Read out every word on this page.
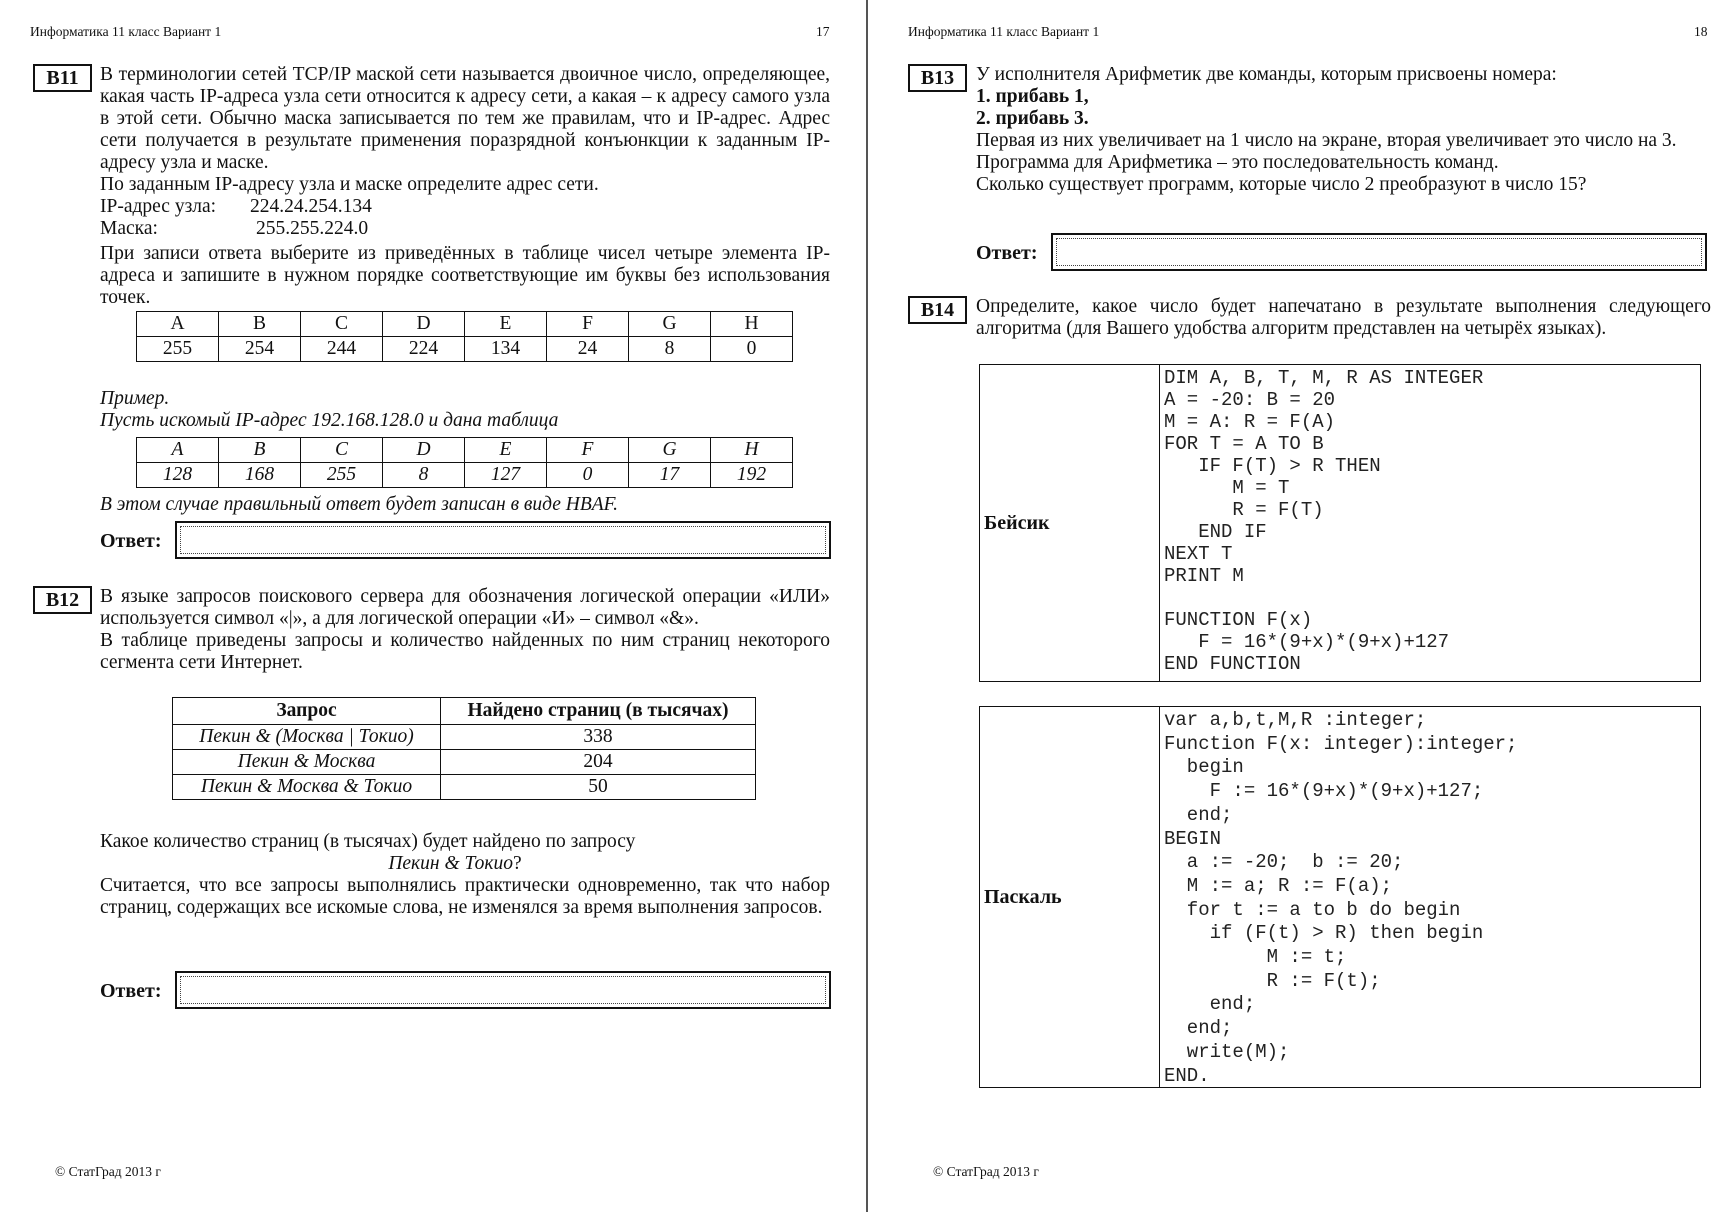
Информатика 11 класс Вариант 1	17
B11	В терминологии сетей TCP/IP маской сети называется двоичное число, определяющее, какая часть IP-адреса узла сети относится к адресу сети, а какая – к адресу самого узла в этой сети. Обычно маска записывается по тем же правилам, что и IP-адрес. Адрес сети получается в результате применения поразрядной конъюнкции к заданным IP-адресу узла и маске.

По заданным IP-адресу узла и маске определите адрес сети.

IP-адрес узла: 224.24.254.134

Маска:	255.255.224.0

При записи ответа выберите из приведённых в таблице чисел четыре элемента IP-адреса и запишите в нужном порядке соответствующие им буквы без использования точек.

A	B	C	D	E	F	G	H
255	254	244	224	134	24	8	0

Пример.

Пусть искомый IP-адрес 192.168.128.0 и дана таблица

A	B	C	D	E	F	G	H
128	168	255	8	127	0	17	192
В этом случае правильный ответ будет записан в виде HBAF.
Ответ:
B12	В языке запросов поискового сервера для обозначения логической операции «ИЛИ» используется символ «|», а для логической операции «И» – символ «&».

В таблице приведены запросы и количество найденных по ним страниц некоторого сегмента сети Интернет.

Запрос	Найдено страниц (в тысячах)
Пекин & (Москва | Токио)	338
Пекин & Москва	204
Пекин & Москва & Токио	50

Какое количество страниц (в тысячах) будет найдено по запросу

Пекин & Токио?

Считается, что все запросы выполнялись практически одновременно, так что набор страниц, содержащих все искомые слова, не изменялся за время выполнения запросов.

Ответ:
© СтатГрад 2013 г
Информатика 11 класс Вариант 1	18
B13	У исполнителя Арифметик две команды, которым присвоены номера:

1. прибавь 1,

2. прибавь 3.

Первая из них увеличивает на 1 число на экране, вторая увеличивает это число на 3.

Программа для Арифметика – это последовательность команд.

Сколько существует программ, которые число 2 преобразуют в число 15?

Ответ:
B14	Определите, какое число будет напечатано в результате выполнения следующего алгоритма (для Вашего удобства алгоритм представлен на четырёх языках).
Бейсик
DIM A, B, T, M, R AS INTEGER
A = -20: B = 20
M = A: R = F(A)
FOR T = A TO B
IF F(T) > R THEN
M = T
R = F(T)
END IF
NEXT T
PRINT M

FUNCTION F(x)
F = 16*(9+x)*(9+x)+127
END FUNCTION
Паскаль
var a,b,t,M,R :integer;
Function F(x: integer):integer;
begin
F := 16*(9+x)*(9+x)+127;
end;
BEGIN
a := -20;  b := 20;
M := a; R := F(a);
for t := a to b do begin
if (F(t) > R) then begin
M := t;
R := F(t);
end;
end;
write(M);
END.
© СтатГрад 2013 г
